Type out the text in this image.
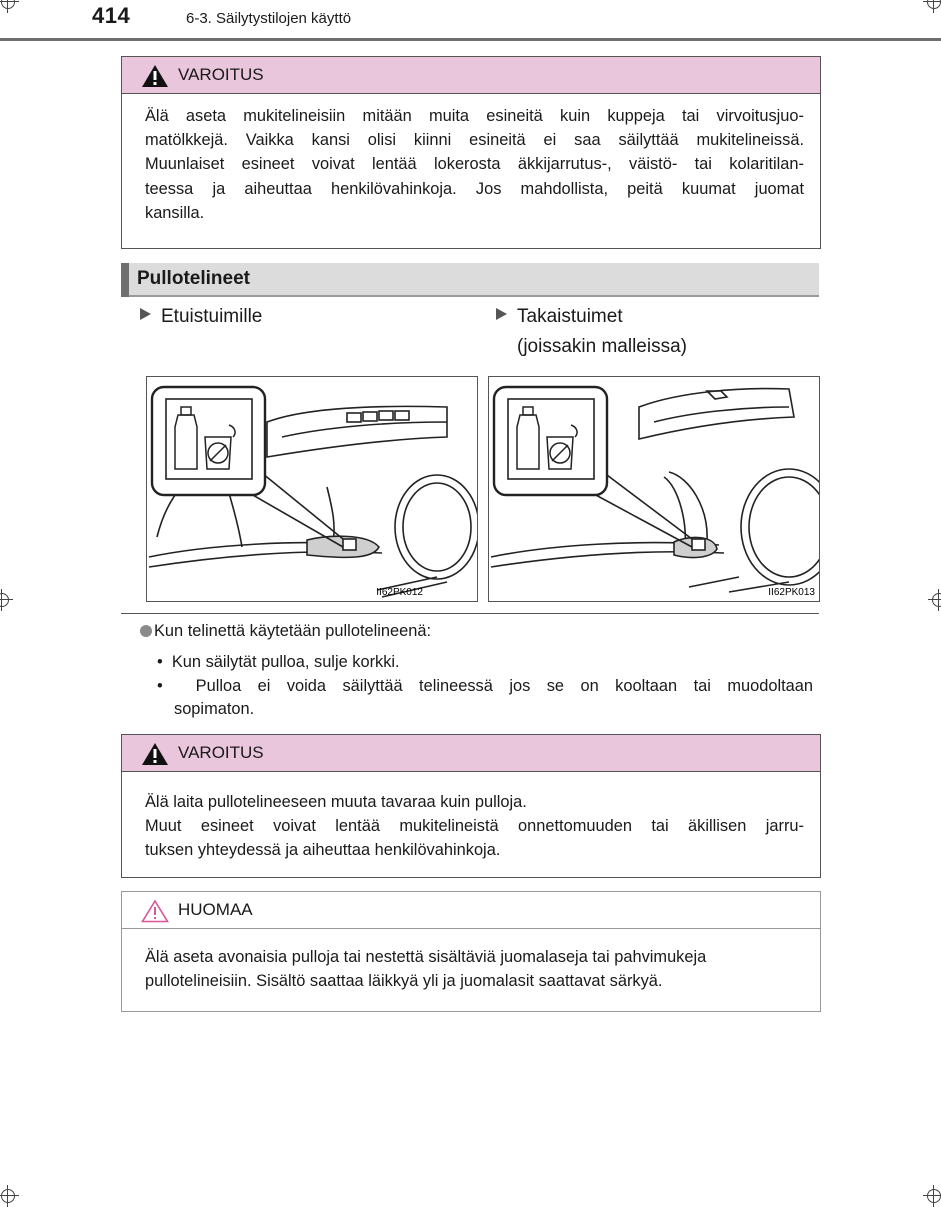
414	6-3. Säilytystilojen käyttö
VAROITUS
Älä aseta mukitelineisiin mitään muita esineitä kuin kuppeja tai virvoitusjuo-
matölkkejä. Vaikka kansi olisi kiinni esineitä ei saa säilyttää mukitelineissä.
Muunlaiset esineet voivat lentää lokerosta äkkijarrutus-, väistö- tai kolaritilan-
teessa ja aiheuttaa henkilövahinkoja. Jos mahdollista, peitä kuumat juomat
kansilla.
Pullotelineet
Etuistuimille	Takaistuimet
(joissakin malleissa)
II62PK012	II62PK013
Kun telinettä käytetään pullotelineenä:
•  Kun säilytät pulloa, sulje korkki.
•  Pulloa ei voida säilyttää telineessä jos se on kooltaan tai muodoltaan
sopimaton.
VAROITUS
Älä laita pullotelineeseen muuta tavaraa kuin pulloja.
Muut esineet voivat lentää mukitelineistä onnettomuuden tai äkillisen jarru-
tuksen yhteydessä ja aiheuttaa henkilövahinkoja.
HUOMAA
Älä aseta avonaisia pulloja tai nestettä sisältäviä juomalaseja tai pahvimukeja
pullotelineisiin. Sisältö saattaa läikkyä yli ja juomalasit saattavat särkyä.
